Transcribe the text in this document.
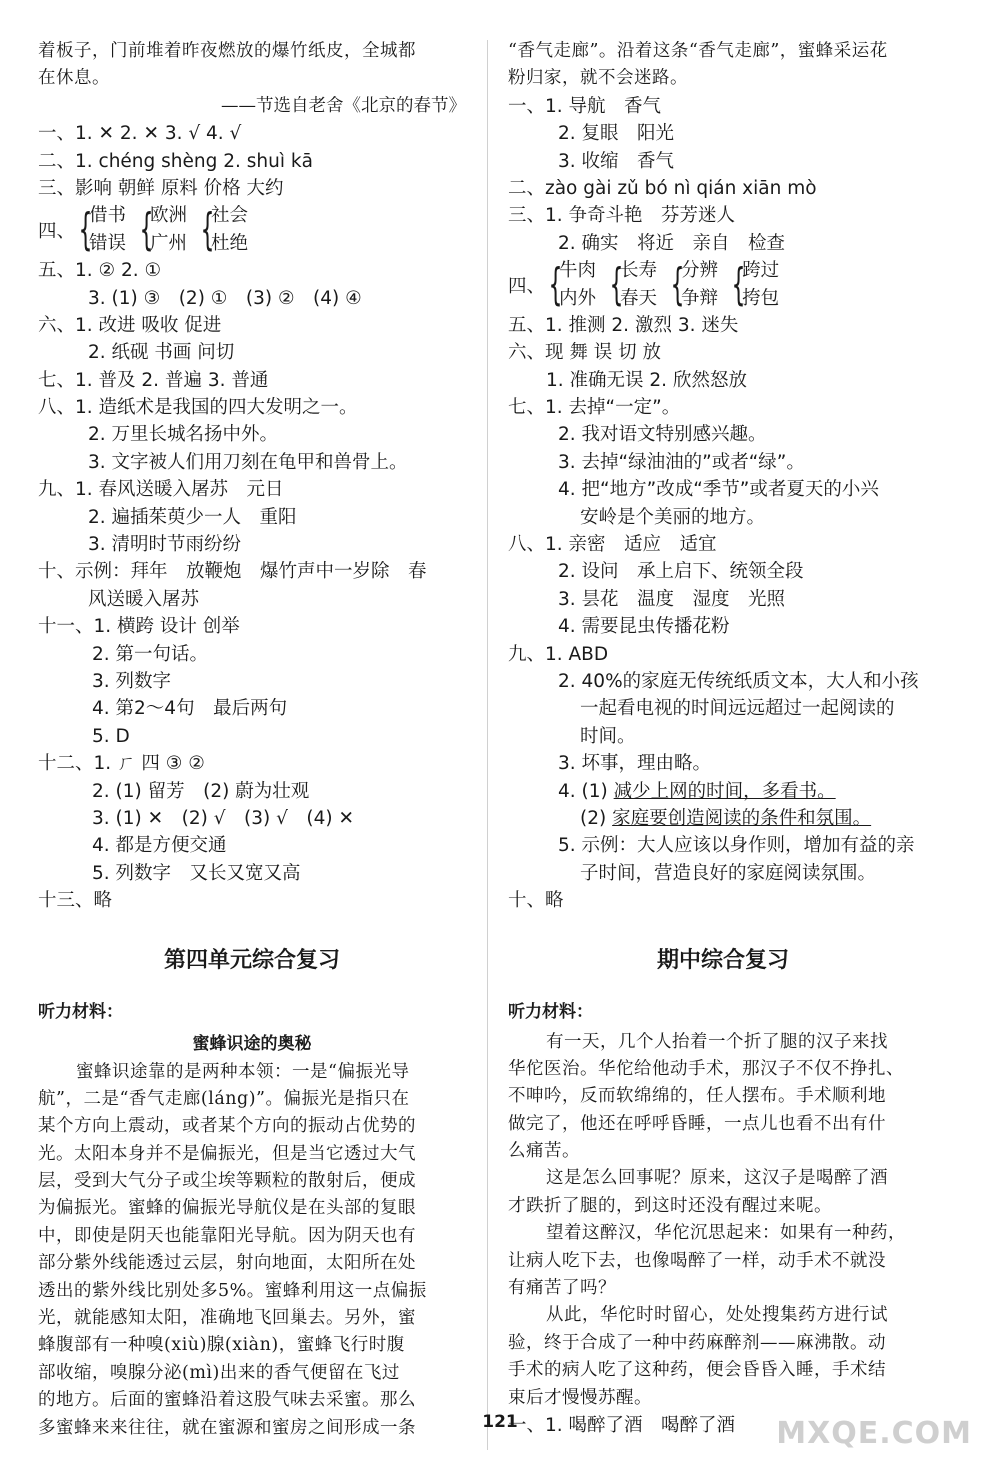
着板子，门前堆着昨夜燃放的爆竹纸皮，全城都
在休息。
——节选自老舍《北京的春节》
一、1. ✕ 2. ✕ 3. √ 4. √
二、1. chéng shèng 2. shuì kā
三、影响 朝鲜 原料 价格 大约
四、 {
借书
错误 {
欧洲
广州 {
社会
杜绝
五、1. ② 2. ①
3. (1) ③　(2) ①　(3) ②　(4) ④
六、1. 改进 吸收 促进
2. 纸砚 书画 问切
七、1. 普及 2. 普遍 3. 普通
八、1. 造纸术是我国的四大发明之一。
2. 万里长城名扬中外。
3. 文字被人们用刀刻在龟甲和兽骨上。
九、1. 春风送暖入屠苏　元日
2. 遍插茱萸少一人　重阳
3. 清明时节雨纷纷
十、示例：拜年　放鞭炮　爆竹声中一岁除　春
风送暖入屠苏
十一、1. 横跨 设计 创举
2. 第一句话。
3. 列数字
4. 第2～4句　最后两句
5. D
十二、1. ㄏ 四 ③ ②
2. (1) 留芳　(2) 蔚为壮观
3. (1) ✕　(2) √　(3) √　(4) ✕
4. 都是方便交通
5. 列数字　又长又宽又高
十三、略
第四单元综合复习
听力材料：
蜜蜂识途的奥秘
蜜蜂识途靠的是两种本领：一是“偏振光导
航”，二是“香气走廊(láng)”。偏振光是指只在
某个方向上震动，或者某个方向的振动占优势的
光。太阳本身并不是偏振光，但是当它透过大气
层，受到大气分子或尘埃等颗粒的散射后，便成
为偏振光。蜜蜂的偏振光导航仪是在头部的复眼
中，即使是阴天也能靠阳光导航。因为阴天也有
部分紫外线能透过云层，射向地面，太阳所在处
透出的紫外线比别处多5%。蜜蜂利用这一点偏振
光，就能感知太阳，准确地飞回巢去。另外，蜜
蜂腹部有一种嗅(xiù)腺(xiàn)，蜜蜂飞行时腹
部收缩，嗅腺分泌(mì)出来的香气便留在飞过
的地方。后面的蜜蜂沿着这股气味去采蜜。那么
多蜜蜂来来往往，就在蜜源和蜜房之间形成一条
“香气走廊”。沿着这条“香气走廊”，蜜蜂采运花
粉归家，就不会迷路。
一、1. 导航　香气
2. 复眼　阳光
3. 收缩　香气
二、zào gài zǔ bó nì qián xiān mò
三、1. 争奇斗艳　芬芳迷人
2. 确实　将近　亲自　检查
四、 {
牛肉
内外 {
长寿
春天 {
分辨
争辩 {
跨过
挎包
五、1. 推测 2. 激烈 3. 迷失
六、现 舞 误 切 放
1. 准确无误 2. 欣然怒放
七、1. 去掉“一定”。
2. 我对语文特别感兴趣。
3. 去掉“绿油油的”或者“绿”。
4. 把“地方”改成“季节”或者夏天的小兴
安岭是个美丽的地方。
八、1. 亲密　适应　适宜
2. 设问　承上启下、统领全段
3. 昙花　温度　湿度　光照
4. 需要昆虫传播花粉
九、1. ABD
2. 40%的家庭无传统纸质文本，大人和小孩
一起看电视的时间远远超过一起阅读的
时间。
3. 坏事，理由略。
4. (1) 减少上网的时间，多看书。
(2) 家庭要创造阅读的条件和氛围。
5. 示例：大人应该以身作则，增加有益的亲
子时间，营造良好的家庭阅读氛围。
十、略
期中综合复习
听力材料：
有一天，几个人抬着一个折了腿的汉子来找
华佗医治。华佗给他动手术，那汉子不仅不挣扎、
不呻吟，反而软绵绵的，任人摆布。手术顺利地
做完了，他还在呼呼昏睡，一点儿也看不出有什
么痛苦。
这是怎么回事呢？原来，这汉子是喝醉了酒
才跌折了腿的，到这时还没有醒过来呢。
望着这醉汉，华佗沉思起来：如果有一种药，
让病人吃下去，也像喝醉了一样，动手术不就没
有痛苦了吗？
从此，华佗时时留心，处处搜集药方进行试
验，终于合成了一种中药麻醉剂——麻沸散。动
手术的病人吃了这种药，便会昏昏入睡，手术结
束后才慢慢苏醒。
一、1. 喝醉了酒　喝醉了酒
121	MXQE.COM
